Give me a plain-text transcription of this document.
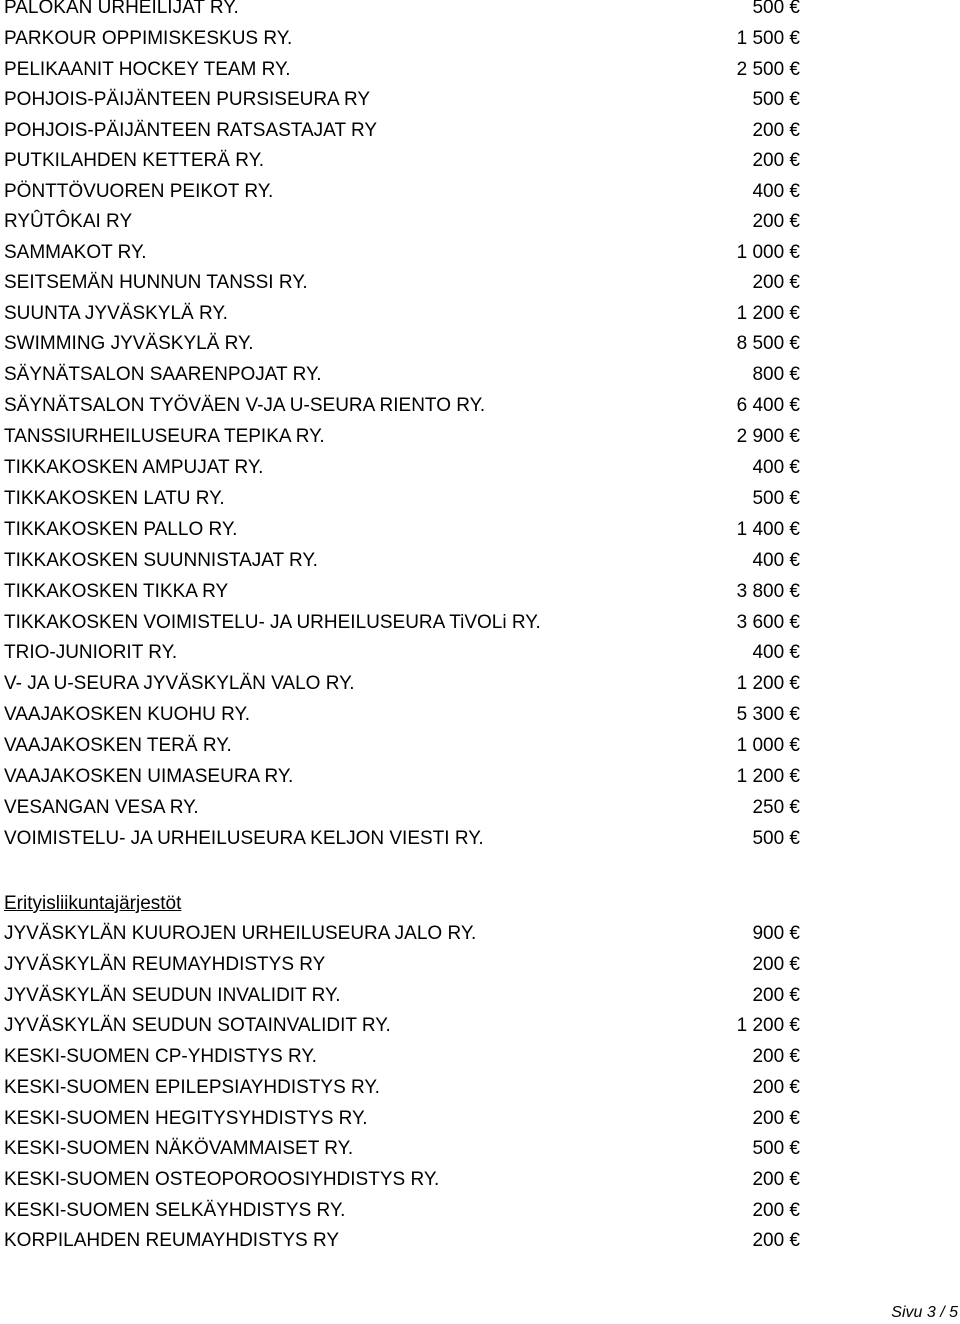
PALOKAN URHEILIJAT RY.	500 €
PARKOUR OPPIMISKESKUS RY.	1 500 €
PELIKAANIT HOCKEY TEAM RY.	2 500 €
POHJOIS-PÄIJÄNTEEN PURSISEURA RY	500 €
POHJOIS-PÄIJÄNTEEN RATSASTAJAT RY	200 €
PUTKILAHDEN KETTERÄ RY.	200 €
PÖNTTÖVUOREN PEIKOT RY.	400 €
RYÛTÔKAI RY	200 €
SAMMAKOT RY.	1 000 €
SEITSEMÄN HUNNUN TANSSI RY.	200 €
SUUNTA JYVÄSKYLÄ RY.	1 200 €
SWIMMING JYVÄSKYLÄ RY.	8 500 €
SÄYNÄTSALON SAARENPOJAT RY.	800 €
SÄYNÄTSALON TYÖVÄEN V-JA U-SEURA RIENTO RY.	6 400 €
TANSSIURHEILUSEURA TEPIKA RY.	2 900 €
TIKKAKOSKEN AMPUJAT RY.	400 €
TIKKAKOSKEN LATU RY.	500 €
TIKKAKOSKEN PALLO RY.	1 400 €
TIKKAKOSKEN SUUNNISTAJAT RY.	400 €
TIKKAKOSKEN TIKKA RY	3 800 €
TIKKAKOSKEN VOIMISTELU- JA URHEILUSEURA TiVOLi RY.	3 600 €
TRIO-JUNIORIT RY.	400 €
V- JA U-SEURA JYVÄSKYLÄN VALO RY.	1 200 €
VAAJAKOSKEN KUOHU RY.	5 300 €
VAAJAKOSKEN TERÄ RY.	1 000 €
VAAJAKOSKEN UIMASEURA RY.	1 200 €
VESANGAN VESA RY.	250 €
VOIMISTELU- JA URHEILUSEURA KELJON VIESTI RY.	500 €
Erityisliikuntajärjestöt
JYVÄSKYLÄN KUUROJEN URHEILUSEURA JALO RY.	900 €
JYVÄSKYLÄN REUMAYHDISTYS RY	200 €
JYVÄSKYLÄN SEUDUN INVALIDIT RY.	200 €
JYVÄSKYLÄN SEUDUN SOTAINVALIDIT RY.	1 200 €
KESKI-SUOMEN CP-YHDISTYS RY.	200 €
KESKI-SUOMEN EPILEPSIAYHDISTYS RY.	200 €
KESKI-SUOMEN HEGITYSYHDISTYS RY.	200 €
KESKI-SUOMEN NÄKÖVAMMAISET RY.	500 €
KESKI-SUOMEN OSTEOPOROOSIYHDISTYS RY.	200 €
KESKI-SUOMEN SELKÄYHDISTYS RY.	200 €
KORPILAHDEN REUMAYHDISTYS RY	200 €
Sivu 3 / 5
